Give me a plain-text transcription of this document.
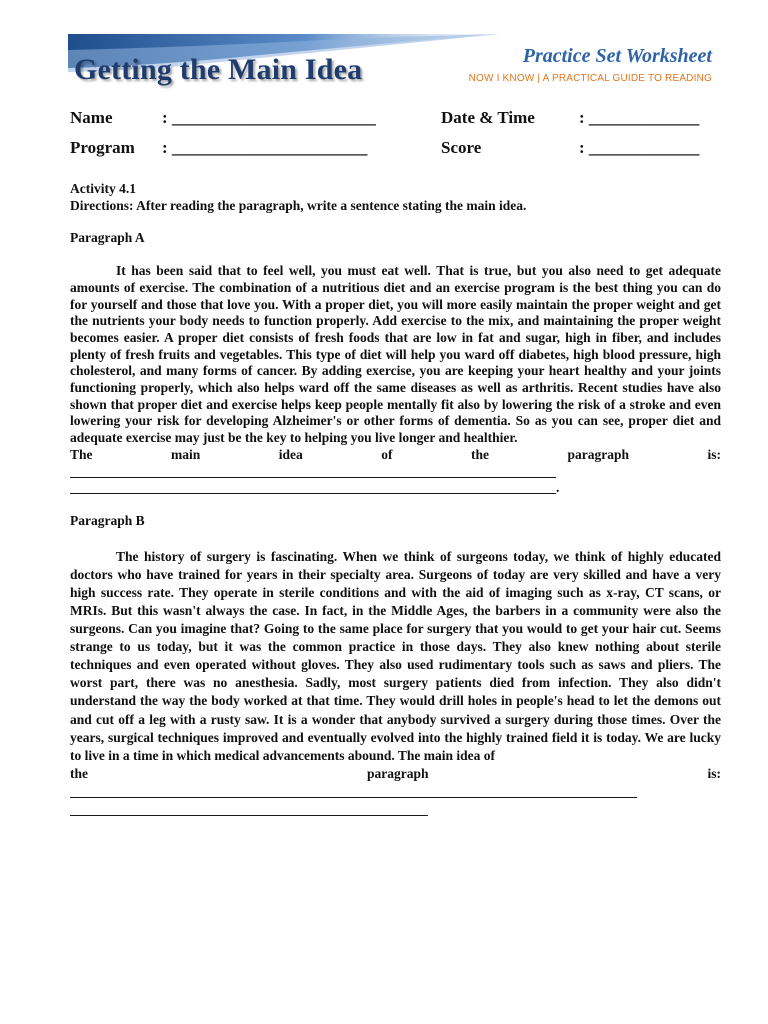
Getting the Main Idea	Practice Set Worksheet
NOW I KNOW | A PRACTICAL GUIDE TO READING
Name	: ________________________	Date & Time	: _____________
Program : _______________________	Score	: _____________

Activity 4.1

Directions: After reading the paragraph, write a sentence stating the main idea.

Paragraph A

It has been said that to feel well, you must eat well. That is true, but you also need to get adequate amounts of exercise. The combination of a nutritious diet and an exercise program is the best thing you can do for yourself and those that love you. With a proper diet, you will more easily maintain the proper weight and get the nutrients your body needs to function properly. Add exercise to the mix, and maintaining the proper weight becomes easier. A proper diet consists of fresh foods that are low in fat and sugar, high in fiber, and includes plenty of fresh fruits and vegetables. This type of diet will help you ward off diabetes, high blood pressure, high cholesterol, and many forms of cancer. By adding exercise, you are keeping your heart healthy and your joints functioning properly, which also helps ward off the same diseases as well as arthritis. Recent studies have also shown that proper diet and exercise helps keep people mentally fit also by lowering the risk of a stroke and even lowering your risk for developing Alzheimer's or other forms of dementia. So as you can see, proper diet and adequate exercise may just be the key to helping you live longer and healthier.

The	main	idea	of	the	paragraph	is:

________________________________________________________________________

________________________________________________________________________.

Paragraph B

The history of surgery is fascinating. When we think of surgeons today, we think of highly educated doctors who have trained for years in their specialty area. Surgeons of today are very skilled and have a very high success rate. They operate in sterile conditions and with the aid of imaging such as x-ray, CT scans, or MRIs. But this wasn't always the case. In fact, in the Middle Ages, the barbers in a community were also the surgeons. Can you imagine that? Going to the same place for surgery that you would to get your hair cut. Seems strange to us today, but it was the common practice in those days. They also knew nothing about sterile techniques and even operated without gloves. They also used rudimentary tools such as saws and pliers. The worst part, there was no anesthesia. Sadly, most surgery patients died from infection. They also didn't understand the way the body worked at that time. They would drill holes in people's head to let the demons out and cut off a leg with a rusty saw. It is a wonder that anybody survived a surgery during those times. Over the years, surgical techniques improved and eventually evolved into the highly trained field it is today. We are lucky to live in a time in which medical advancements abound. The main idea of

the	paragraph	is:

____________________________________________________________________________________

_____________________________________________________
